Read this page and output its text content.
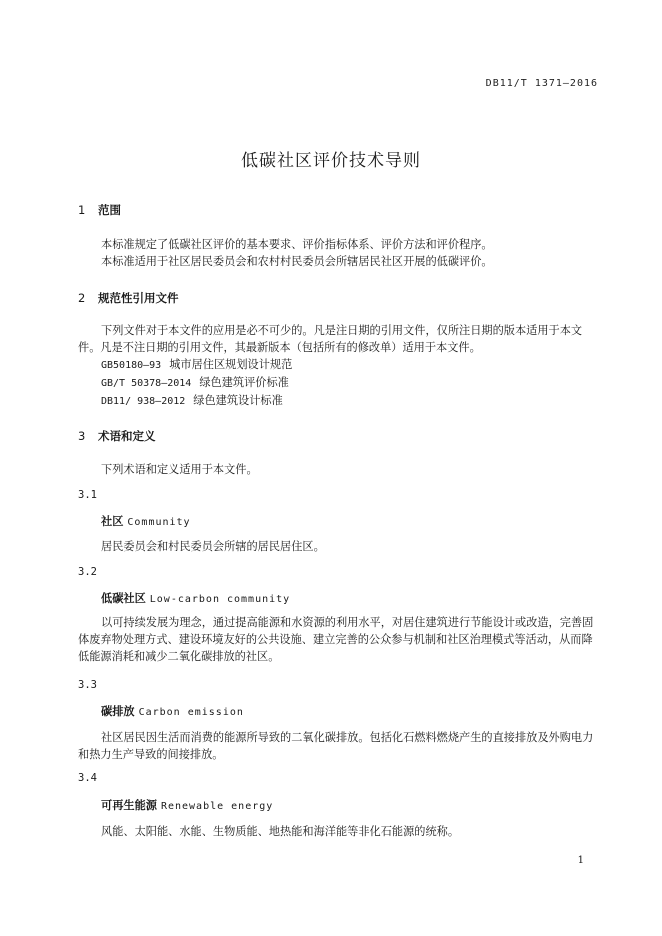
DB11/T 1371—2016
低碳社区评价技术导则
1 范围

本标准规定了低碳社区评价的基本要求、评价指标体系、评价方法和评价程序。

本标准适用于社区居民委员会和农村村民委员会所辖居民社区开展的低碳评价。

2 规范性引用文件

下列文件对于本文件的应用是必不可少的。凡是注日期的引用文件，仅所注日期的版本适用于本文件。凡是不注日期的引用文件，其最新版本（包括所有的修改单）适用于本文件。

GB50180—93 城市居住区规划设计规范

GB/T 50378—2014 绿色建筑评价标准

DB11/ 938—2012 绿色建筑设计标准

3 术语和定义

下列术语和定义适用于本文件。

3.1
社区 Community

居民委员会和村民委员会所辖的居民居住区。

3.2
低碳社区 Low-carbon community

以可持续发展为理念，通过提高能源和水资源的利用水平，对居住建筑进行节能设计或改造，完善固体废弃物处理方式、建设环境友好的公共设施、建立完善的公众参与机制和社区治理模式等活动，从而降低能源消耗和减少二氧化碳排放的社区。

3.3
碳排放 Carbon emission

社区居民因生活而消费的能源所导致的二氧化碳排放。包括化石燃料燃烧产生的直接排放及外购电力和热力生产导致的间接排放。

3.4
可再生能源 Renewable energy

风能、太阳能、水能、生物质能、地热能和海洋能等非化石能源的统称。

1
